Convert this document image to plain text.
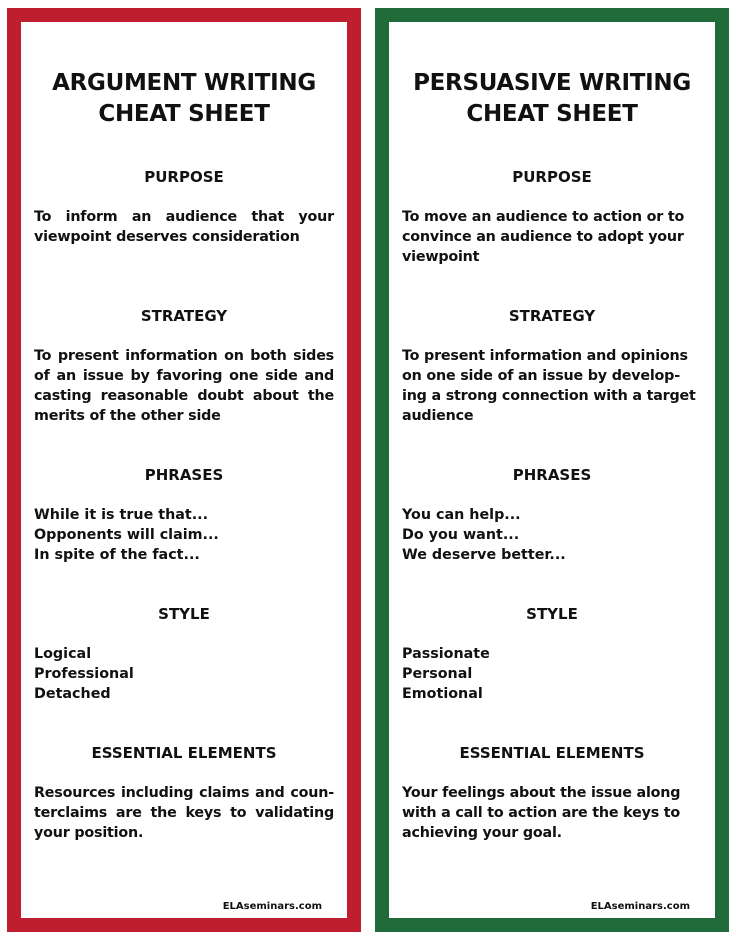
ARGUMENT WRITING
CHEAT SHEET
PURPOSE

To inform an audience that your
viewpoint deserves consideration

STRATEGY

To present information on both sides
of an issue by favoring one side and
casting reasonable doubt about the
merits of the other side

PHRASES
While it is true that...
Opponents will claim...
In spite of the fact...
STYLE
Logical
Professional
Detached
ESSENTIAL ELEMENTS

Resources including claims and coun-
terclaims are the keys to validating
your position.

ELAseminars.com
PERSUASIVE WRITING
CHEAT SHEET
PURPOSE

To move an audience to action or to
convince an audience to adopt your
viewpoint

STRATEGY

To present information and opinions
on one side of an issue by develop-
ing a strong connection with a target
audience

PHRASES
You can help...
Do you want...
We deserve better...
STYLE
Passionate
Personal
Emotional
ESSENTIAL ELEMENTS

Your feelings about the issue along
with a call to action are the keys to
achieving your goal.

ELAseminars.com
